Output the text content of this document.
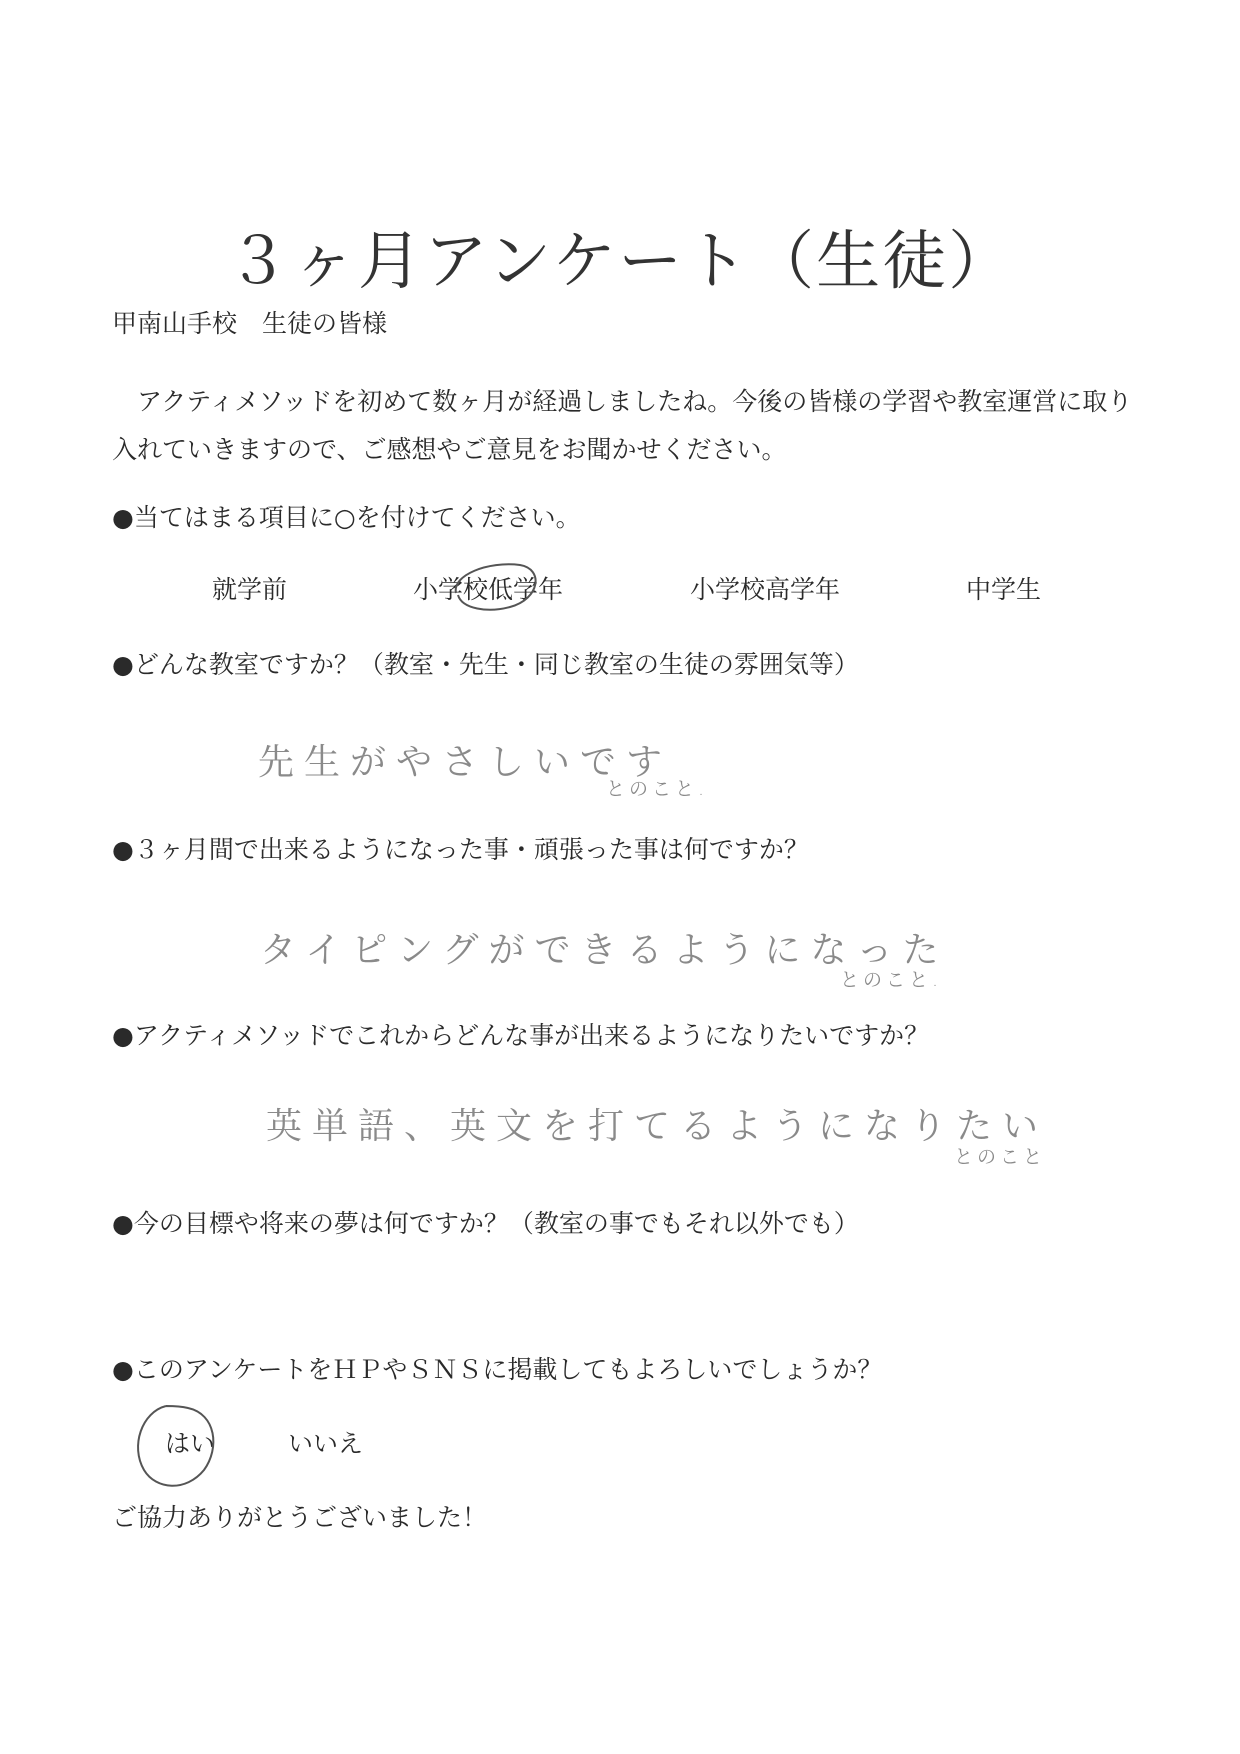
３ヶ月アンケート（生徒）
甲南山手校　生徒の皆様
　アクティメソッドを初めて数ヶ月が経過しましたね。今後の皆様の学習や教室運営に取り
入れていきますので、ご感想やご意見をお聞かせください。
●当てはまる項目に○を付けてください。
就学前	小学校低学年	小学校高学年	中学生
●どんな教室ですか？（教室・先生・同じ教室の生徒の雰囲気等）
先生がやさしいです
とのこと.
●３ヶ月間で出来るようになった事・頑張った事は何ですか？
タイピングができるようになった
とのこと.
●アクティメソッドでこれからどんな事が出来るようになりたいですか？
英単語、英文を打てるようになりたい
とのこと
●今の目標や将来の夢は何ですか？（教室の事でもそれ以外でも）
●このアンケートをＨＰやＳＮＳに掲載してもよろしいでしょうか？
はい	いいえ
ご協力ありがとうございました！
